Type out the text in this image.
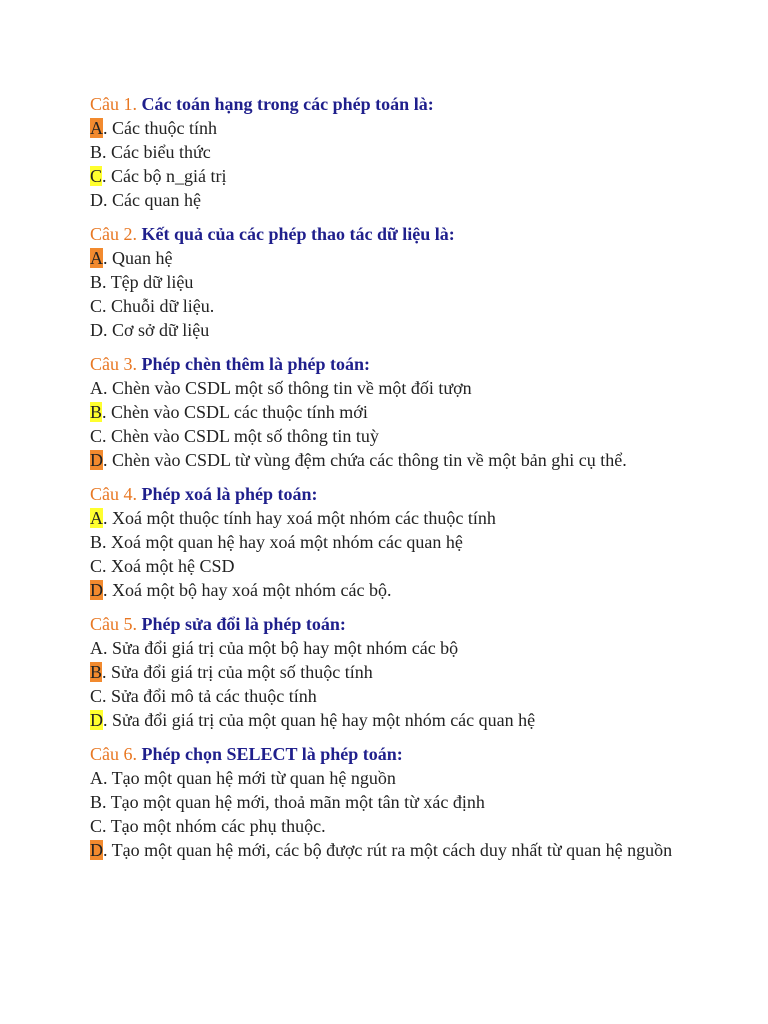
Câu 1. Các toán hạng trong các phép toán là:
A. Các thuộc tính
B. Các biểu thức
C. Các bộ n_giá trị
D. Các quan hệ
Câu 2. Kết quả của các phép thao tác dữ liệu là:
A. Quan hệ
B. Tệp dữ liệu
C. Chuỗi dữ liệu.
D. Cơ sở dữ liệu
Câu 3. Phép chèn thêm là phép toán:
A. Chèn vào CSDL một số thông tin về một đối tượn
B. Chèn vào CSDL các thuộc tính mới
C. Chèn vào CSDL một số thông tin tuỳ
D. Chèn vào CSDL từ vùng đệm chứa các thông tin về một bản ghi cụ thể.
Câu 4. Phép xoá là phép toán:
A. Xoá một thuộc tính hay xoá một nhóm các thuộc tính
B. Xoá một quan hệ hay xoá một nhóm các quan hệ
C. Xoá một hệ CSD
D. Xoá một bộ hay xoá một nhóm các bộ.
Câu 5. Phép sửa đổi là phép toán:
A. Sửa đổi giá trị của một bộ hay một nhóm các bộ
B. Sửa đổi giá trị của một số thuộc tính
C. Sửa đổi mô tả các thuộc tính
D. Sửa đổi giá trị của một quan hệ hay một nhóm các quan hệ
Câu 6. Phép chọn SELECT là phép toán:
A. Tạo một quan hệ mới từ quan hệ nguồn
B. Tạo một quan hệ mới, thoả mãn một tân từ xác định
C. Tạo một nhóm các phụ thuộc.
D. Tạo một quan hệ mới, các bộ được rút ra một cách duy nhất từ quan hệ nguồn
